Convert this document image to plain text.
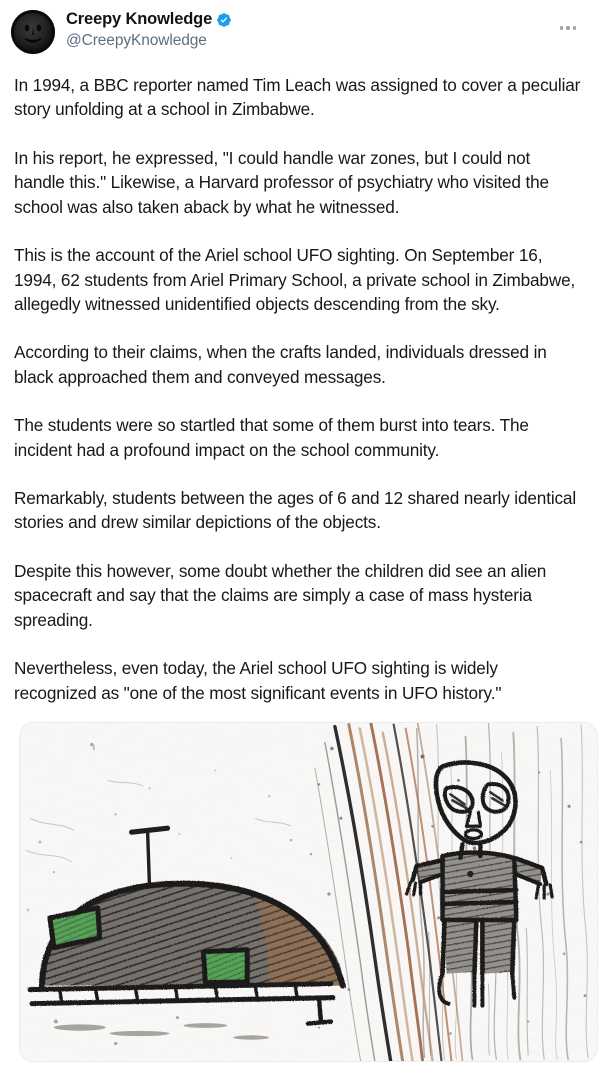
Creepy Knowledge
@CreepyKnowledge

In 1994, a BBC reporter named Tim Leach was assigned to cover a peculiar story unfolding at a school in Zimbabwe.

In his report, he expressed, "I could handle war zones, but I could not handle this." Likewise, a Harvard professor of psychiatry who visited the school was also taken aback by what he witnessed.

This is the account of the Ariel school UFO sighting. On September 16, 1994, 62 students from Ariel Primary School, a private school in Zimbabwe, allegedly witnessed unidentified objects descending from the sky.

According to their claims, when the crafts landed, individuals dressed in black approached them and conveyed messages.

The students were so startled that some of them burst into tears. The incident had a profound impact on the school community.

Remarkably, students between the ages of 6 and 12 shared nearly identical stories and drew similar depictions of the objects.

Despite this however, some doubt whether the children did see an alien spacecraft and say that the claims are simply a case of mass hysteria spreading.

Nevertheless, even today, the Ariel school UFO sighting is widely recognized as "one of the most significant events in UFO history."
